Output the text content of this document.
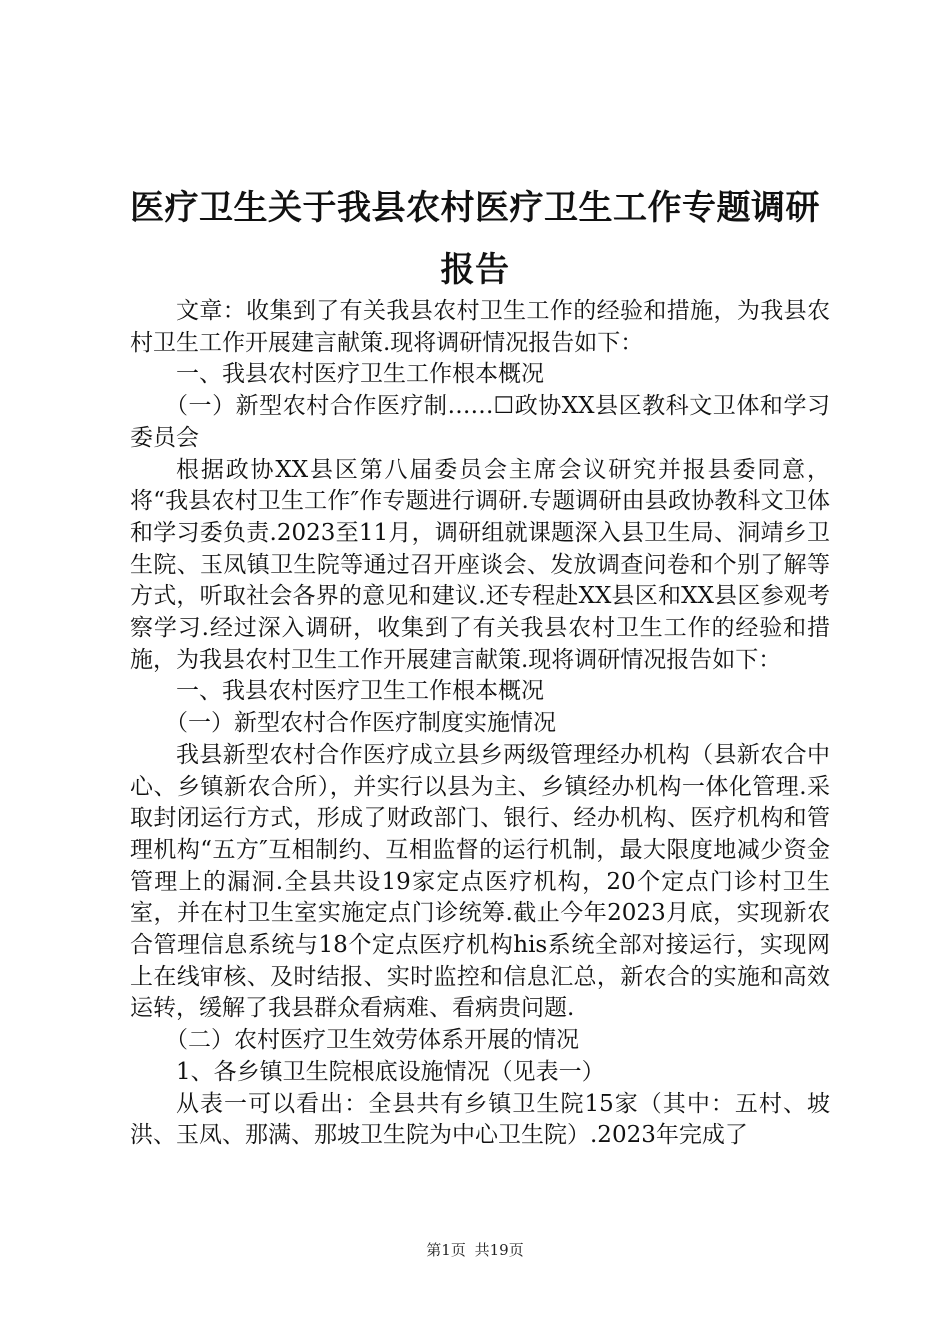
医疗卫生关于我县农村医疗卫生工作专题调研
报告

文章：收集到了有关我县农村卫生工作的经验和措施，为我县农村卫生工作开展建言献策.现将调研情况报告如下：

一、我县农村医疗卫生工作根本概况

（一）新型农村合作医疗制……☐政协XX县区教科文卫体和学习委员会

根据政协XX县区第八届委员会主席会议研究并报县委同意，将“我县农村卫生工作″作专题进行调研.专题调研由县政协教科文卫体和学习委负责.2023至11月，调研组就课题深入县卫生局、洞靖乡卫生院、玉凤镇卫生院等通过召开座谈会、发放调查问卷和个别了解等方式，听取社会各界的意见和建议.还专程赴XX县区和XX县区参观考察学习.经过深入调研，收集到了有关我县农村卫生工作的经验和措施，为我县农村卫生工作开展建言献策.现将调研情况报告如下：

一、我县农村医疗卫生工作根本概况

（一）新型农村合作医疗制度实施情况

我县新型农村合作医疗成立县乡两级管理经办机构（县新农合中心、乡镇新农合所），并实行以县为主、乡镇经办机构一体化管理.采取封闭运行方式，形成了财政部门、银行、经办机构、医疗机构和管理机构“五方″互相制约、互相监督的运行机制，最大限度地减少资金管理上的漏洞.全县共设19家定点医疗机构，20个定点门诊村卫生室，并在村卫生室实施定点门诊统筹.截止今年2023月底，实现新农合管理信息系统与18个定点医疗机构his系统全部对接运行，实现网上在线审核、及时结报、实时监控和信息汇总，新农合的实施和高效运转，缓解了我县群众看病难、看病贵问题.

（二）农村医疗卫生效劳体系开展的情况

1、各乡镇卫生院根底设施情况（见表一）

从表一可以看出：全县共有乡镇卫生院15家（其中：五村、坡洪、玉凤、那满、那坡卫生院为中心卫生院）.2023年完成了

第1页 共19页
